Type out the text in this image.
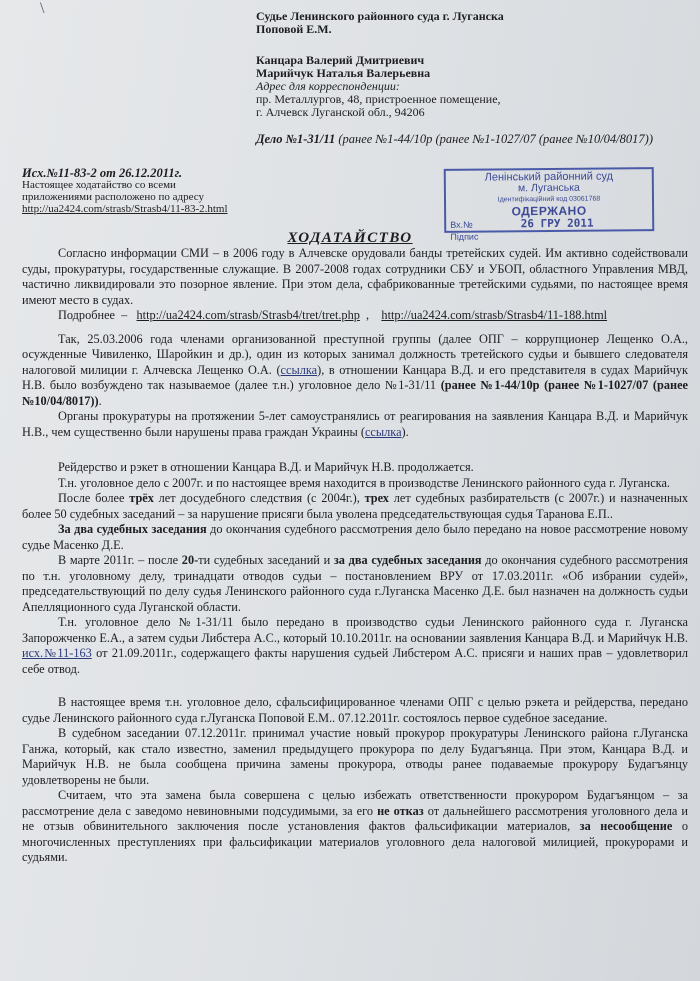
\	Судье Ленинского районного суда г. Луганска
Поповой Е.М.
Канцара Валерий Дмитриевич
Марийчук Наталья Валерьевна
Адрес для корреспонденции:
пр. Металлургов, 48, пристроенное помещение,
г. Алчевск Луганской обл., 94206
Дело №1-31/11 (ранее №1-44/10р (ранее №1-1027/07 (ранее №10/04/8017))
Исх.№11-83-2 от 26.12.2011г.
Настоящее ходатайство со всеми
приложениями расположено по адресу
http://ua2424.com/strasb/Strasb4/11-83-2.html
Ленінський районний суд
м. Луганська
Ідентифікаційний код 03061768
ОДЕРЖАНО
Вх.№	26 ГРУ 2011
Підпис
ХОДАТАЙСТВО

Согласно информации СМИ – в 2006 году в Алчевске орудовали банды третейских судей. Им активно содействовали суды, прокуратуры, государственные служащие. В 2007-2008 годах сотрудники СБУ и УБОП, областного Управления МВД, частично ликвидировали это позорное явление. При этом дела, сфабрикованные третейскими судьями, по настоящее время имеют место в судах.

Подробнее  –   http://ua2424.com/strasb/Strasb4/tret/tret.php  ,    http://ua2424.com/strasb/Strasb4/11-188.html

Так, 25.03.2006 года членами организованной преступной группы (далее ОПГ – коррупционер Лещенко О.А., осужденные Чивиленко, Шаройкин и др.), один из которых занимал должность третейского судьи и бывшего следователя налоговой милиции г. Алчевска Лещенко О.А. (ссылка), в отношении Канцара В.Д. и его представителя в судах Марийчук Н.В. было возбуждено так называемое (далее т.н.) уголовное дело №1-31/11 (ранее №1-44/10р (ранее №1-1027/07 (ранее №10/04/8017)).

Органы прокуратуры на протяжении 5-лет самоустранялись от реагирования на заявления Канцара В.Д. и Марийчук Н.В., чем существенно были нарушены права граждан Украины (ссылка).

Рейдерство и рэкет в отношении Канцара В.Д. и Марийчук Н.В. продолжается.

Т.н. уголовное дело с 2007г. и по настоящее время находится в производстве Ленинского районного суда г. Луганска.

После более трёх лет досудебного следствия (с 2004г.), трех лет судебных разбирательств (с 2007г.) и назначенных более 50 судебных заседаний – за нарушение присяги была уволена председательствующая судья Таранова Е.П..

За два судебных заседания до окончания судебного рассмотрения дело было передано на новое рассмотрение новому судье Масенко Д.Е.

В марте 2011г. – после 20-ти судебных заседаний и за два судебных заседания до окончания судебного рассмотрения по т.н. уголовному делу, тринадцати отводов судьи – постановлением ВРУ от 17.03.2011г. «Об избрании судей», председательствующий по делу судья Ленинского районного суда г.Луганска Масенко Д.Е. был назначен на должность судьи Апелляционного суда Луганской области.

Т.н. уголовное дело №1-31/11 было передано в производство судьи Ленинского районного суда г. Луганска Запорожченко Е.А., а затем судьи Либстера А.С., который 10.10.2011г. на основании заявления Канцара В.Д. и Марийчук Н.В. исх.№11-163 от 21.09.2011г., содержащего факты нарушения судьей Либстером А.С. присяги и наших прав – удовлетворил себе отвод.

В настоящее время т.н. уголовное дело, сфальсифицированное членами ОПГ с целью рэкета и рейдерства, передано судье Ленинского районного суда г.Луганска Поповой Е.М.. 07.12.2011г. состоялось первое судебное заседание.

В судебном заседании 07.12.2011г. принимал участие новый прокурор прокуратуры Ленинского района г.Луганска Ганжа, который, как стало известно, заменил предыдущего прокурора по делу Будагъянца. При этом, Канцара В.Д. и Марийчук Н.В. не была сообщена причина замены прокурора, отводы ранее подаваемые прокурору Будагъянцу удовлетворены не были.

Считаем, что эта замена была совершена с целью избежать ответственности прокурором Будагъянцом – за рассмотрение дела с заведомо невиновными подсудимыми, за его не отказ от дальнейшего рассмотрения уголовного дела и не отзыв обвинительного заключения после установления фактов фальсификации материалов, за несообщение о многочисленных преступлениях при фальсификации материалов уголовного дела налоговой милицией, прокурорами и судьями.
